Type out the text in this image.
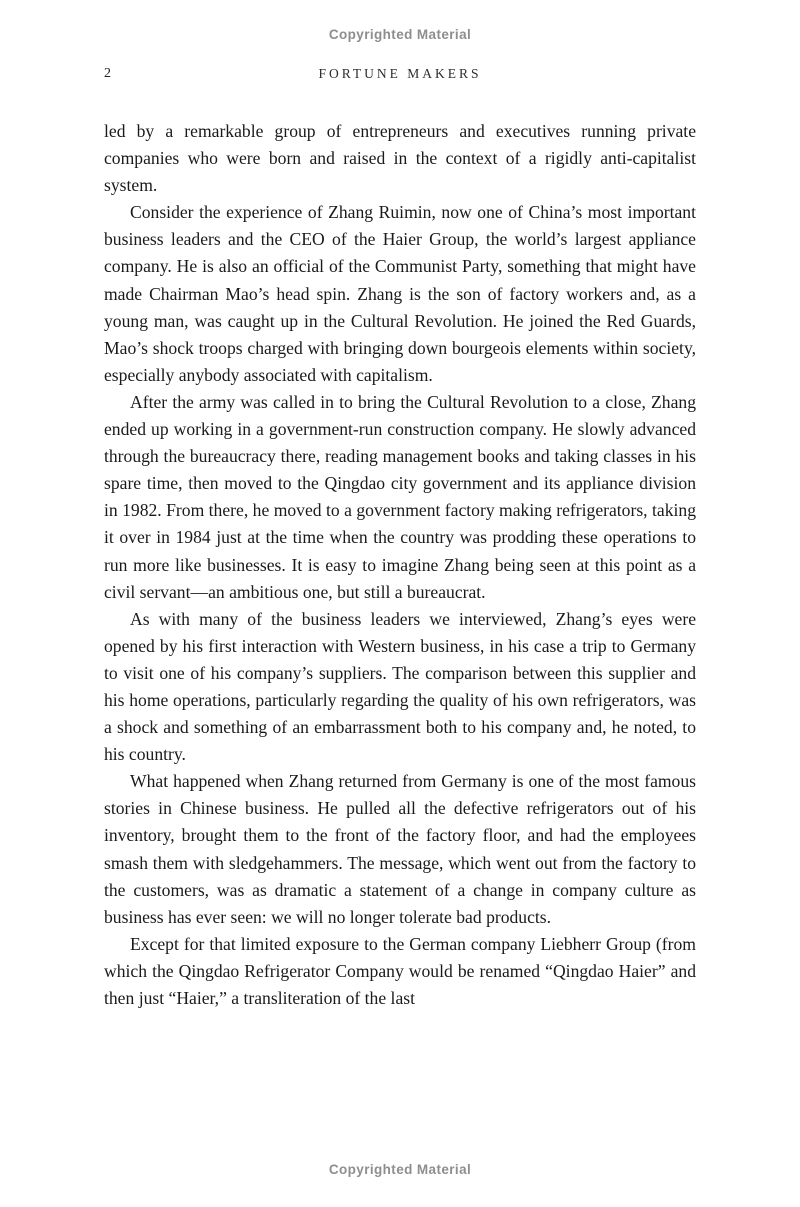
Copyrighted Material
2	FORTUNE MAKERS

led by a remarkable group of entrepreneurs and executives running private companies who were born and raised in the context of a rigidly anti-capitalist system.

Consider the experience of Zhang Ruimin, now one of China’s most important business leaders and the CEO of the Haier Group, the world’s largest appliance company. He is also an official of the Communist Party, something that might have made Chairman Mao’s head spin. Zhang is the son of factory workers and, as a young man, was caught up in the Cultural Revolution. He joined the Red Guards, Mao’s shock troops charged with bringing down bourgeois elements within society, especially anybody associated with capitalism.

After the army was called in to bring the Cultural Revolution to a close, Zhang ended up working in a government-run construction company. He slowly advanced through the bureaucracy there, reading management books and taking classes in his spare time, then moved to the Qingdao city government and its appliance division in 1982. From there, he moved to a government factory making refrigerators, taking it over in 1984 just at the time when the country was prodding these operations to run more like businesses. It is easy to imagine Zhang being seen at this point as a civil servant—an ambitious one, but still a bureaucrat.

As with many of the business leaders we interviewed, Zhang’s eyes were opened by his first interaction with Western business, in his case a trip to Germany to visit one of his company’s suppliers. The comparison between this supplier and his home operations, particularly regarding the quality of his own refrigerators, was a shock and something of an embarrassment both to his company and, he noted, to his country.

What happened when Zhang returned from Germany is one of the most famous stories in Chinese business. He pulled all the defective refrigerators out of his inventory, brought them to the front of the factory floor, and had the employees smash them with sledgehammers. The message, which went out from the factory to the customers, was as dramatic a statement of a change in company culture as business has ever seen: we will no longer tolerate bad products.

Except for that limited exposure to the German company Liebherr Group (from which the Qingdao Refrigerator Company would be renamed “Qingdao Haier” and then just “Haier,” a transliteration of the last

Copyrighted Material
